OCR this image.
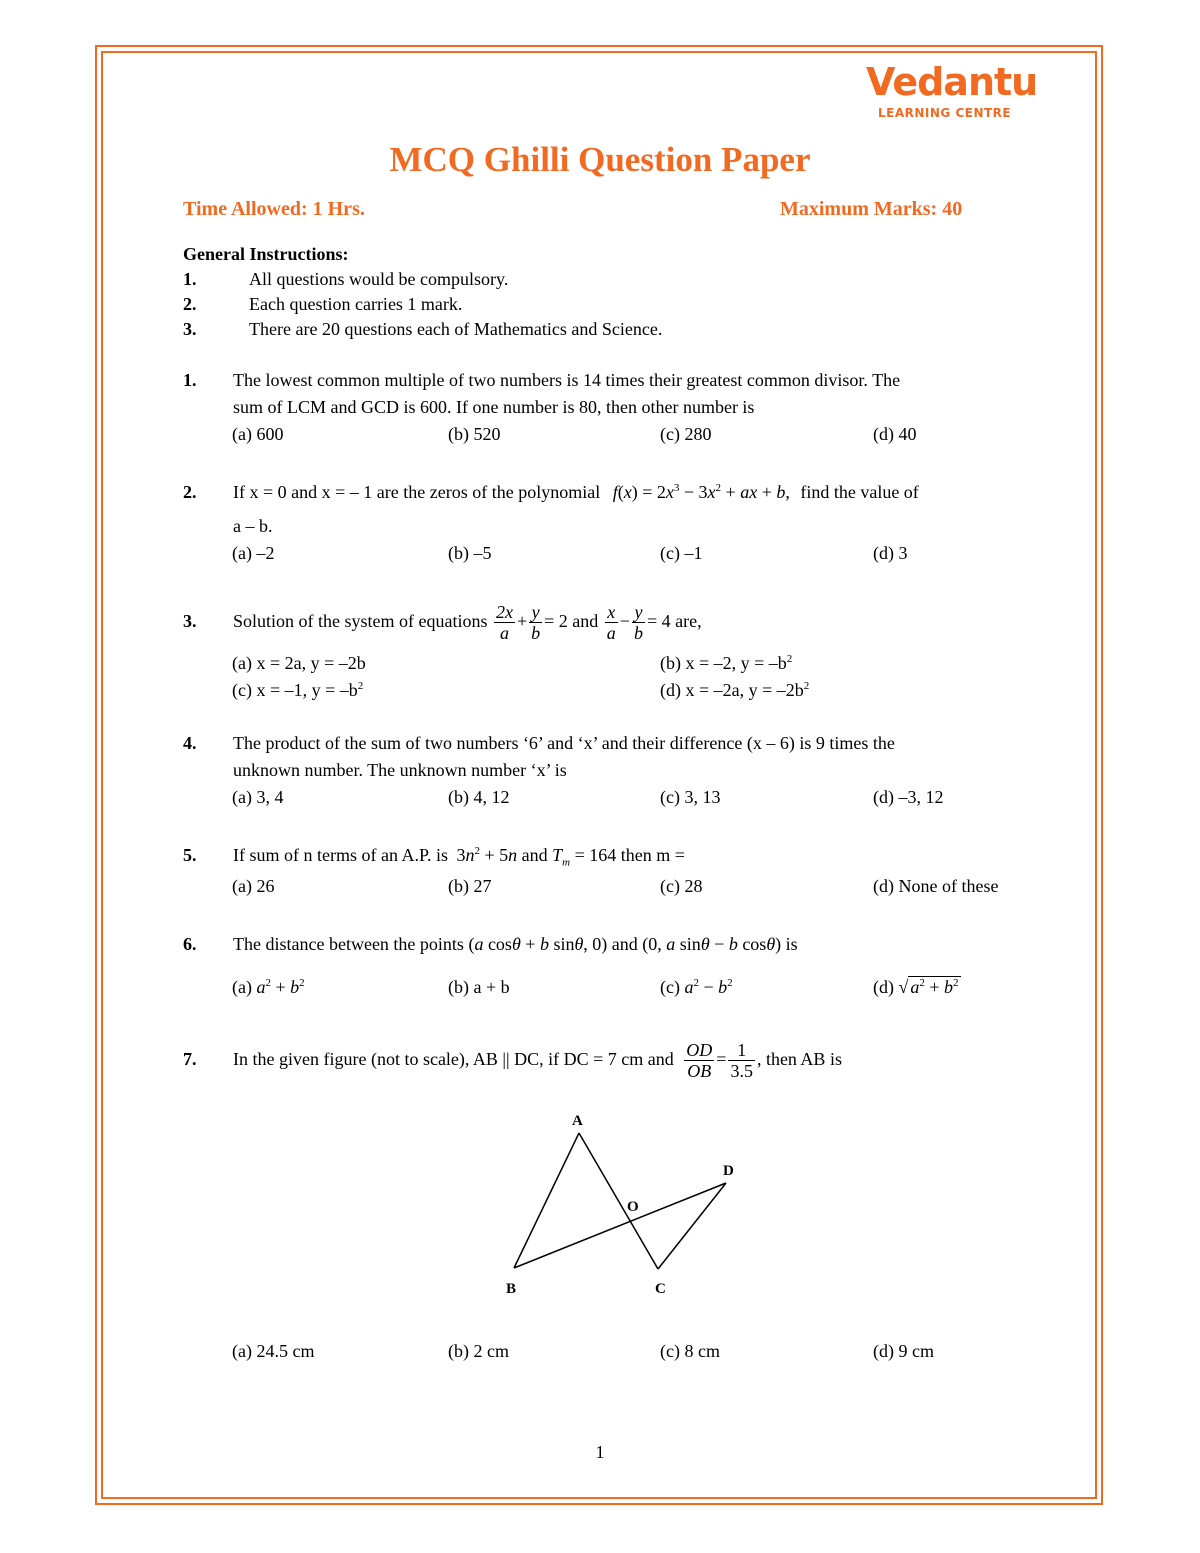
Vedantu
LEARNING CENTRE
MCQ Ghilli Question Paper
Time Allowed: 1 Hrs.	Maximum Marks: 40
General Instructions:
1.	All questions would be compulsory.
2.	Each question carries 1 mark.
3.	There are 20 questions each of Mathematics and Science.
1. The lowest common multiple of two numbers is 14 times their greatest common divisor. The
sum of LCM and GCD is 600. If one number is 80, then other number is
(a) 600	(b) 520	(c) 280	(d) 40
2. If x = 0 and x = – 1 are the zeros of the polynomial $f(x) = 2x^3 - 3x^2$ + ax + b, find the value of
a – b.
(a) –2	(b) –5	(c) –1	(d) 3
3. Solution of the system of equations $\frac{2x}{a} + \frac{y}{b} = 2$ and $\frac{x}{a} - \frac{y}{b} = 4$ are,
(a) x = 2a, y = –2b	(b) x = –2, $y = -b^2$
(c) x = –1, $y = -b^2$	(d) x = –2a, $y = -2b^2$
4. The product of the sum of two numbers ‘6’ and ‘x’ and their difference (x – 6) is 9 times the
unknown number. The unknown number ‘x’ is
(a) 3, 4	(b) 4, 12	(c) 3, 13	(d) –3, 12
5. If sum of n terms of an A.P. is $3n^2 + 5n$ and $T_m = 164$ then m =
(a) 26	(b) 27	(c) 28	(d) None of these
6. The distance between the points (a cosθ + b sinθ, 0) and (0, a sinθ − b cosθ) is
(a) $a^2 + b^2$	(b) a + b	(c) $a^2 - b^2$	(d) √ $a^2 + b^2$
7. In the given figure (not to scale), AB || DC, if DC = 7 cm and $\frac{OD}{OB} = \frac{1}{3.5}$ , then AB is
A
B	C
D
O
(a) 24.5 cm	(b) 2 cm	(c) 8 cm	(d) 9 cm
1
